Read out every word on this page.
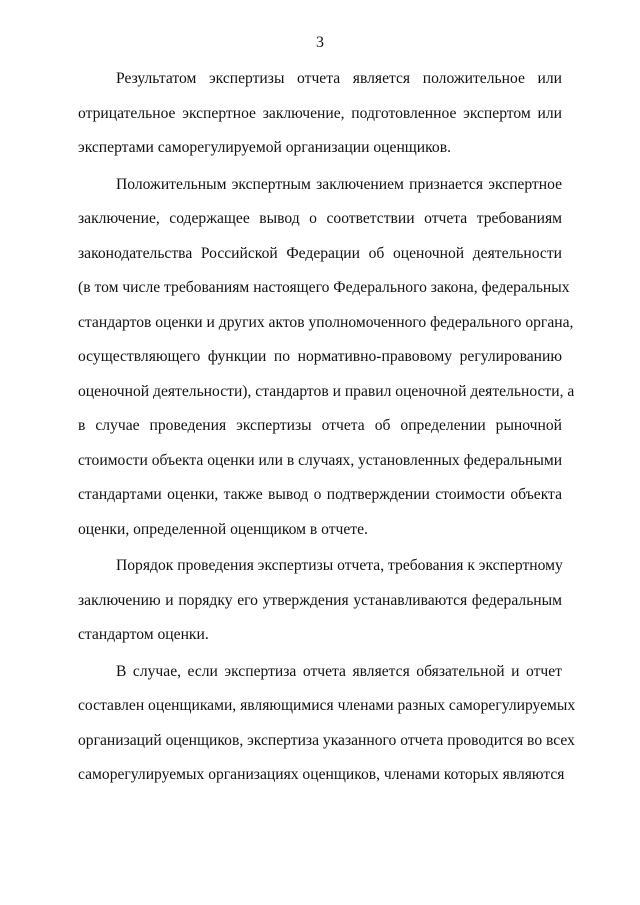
3
Результатом экспертизы отчета является положительное или
отрицательное экспертное заключение, подготовленное экспертом или
экспертами саморегулируемой организации оценщиков.
Положительным экспертным заключением признается экспертное
заключение, содержащее вывод о соответствии отчета требованиям
законодательства Российской Федерации об оценочной деятельности
(в том числе требованиям настоящего Федерального закона, федеральных
стандартов оценки и других актов уполномоченного федерального органа,
осуществляющего функции по нормативно-правовому регулированию
оценочной деятельности), стандартов и правил оценочной деятельности, а
в случае проведения экспертизы отчета об определении рыночной
стоимости объекта оценки или в случаях, установленных федеральными
стандартами оценки, также вывод о подтверждении стоимости объекта
оценки, определенной оценщиком в отчете.
Порядок проведения экспертизы отчета, требования к экспертному
заключению и порядку его утверждения устанавливаются федеральным
стандартом оценки.
В случае, если экспертиза отчета является обязательной и отчет
составлен оценщиками, являющимися членами разных саморегулируемых
организаций оценщиков, экспертиза указанного отчета проводится во всех
саморегулируемых организациях оценщиков, членами которых являются
